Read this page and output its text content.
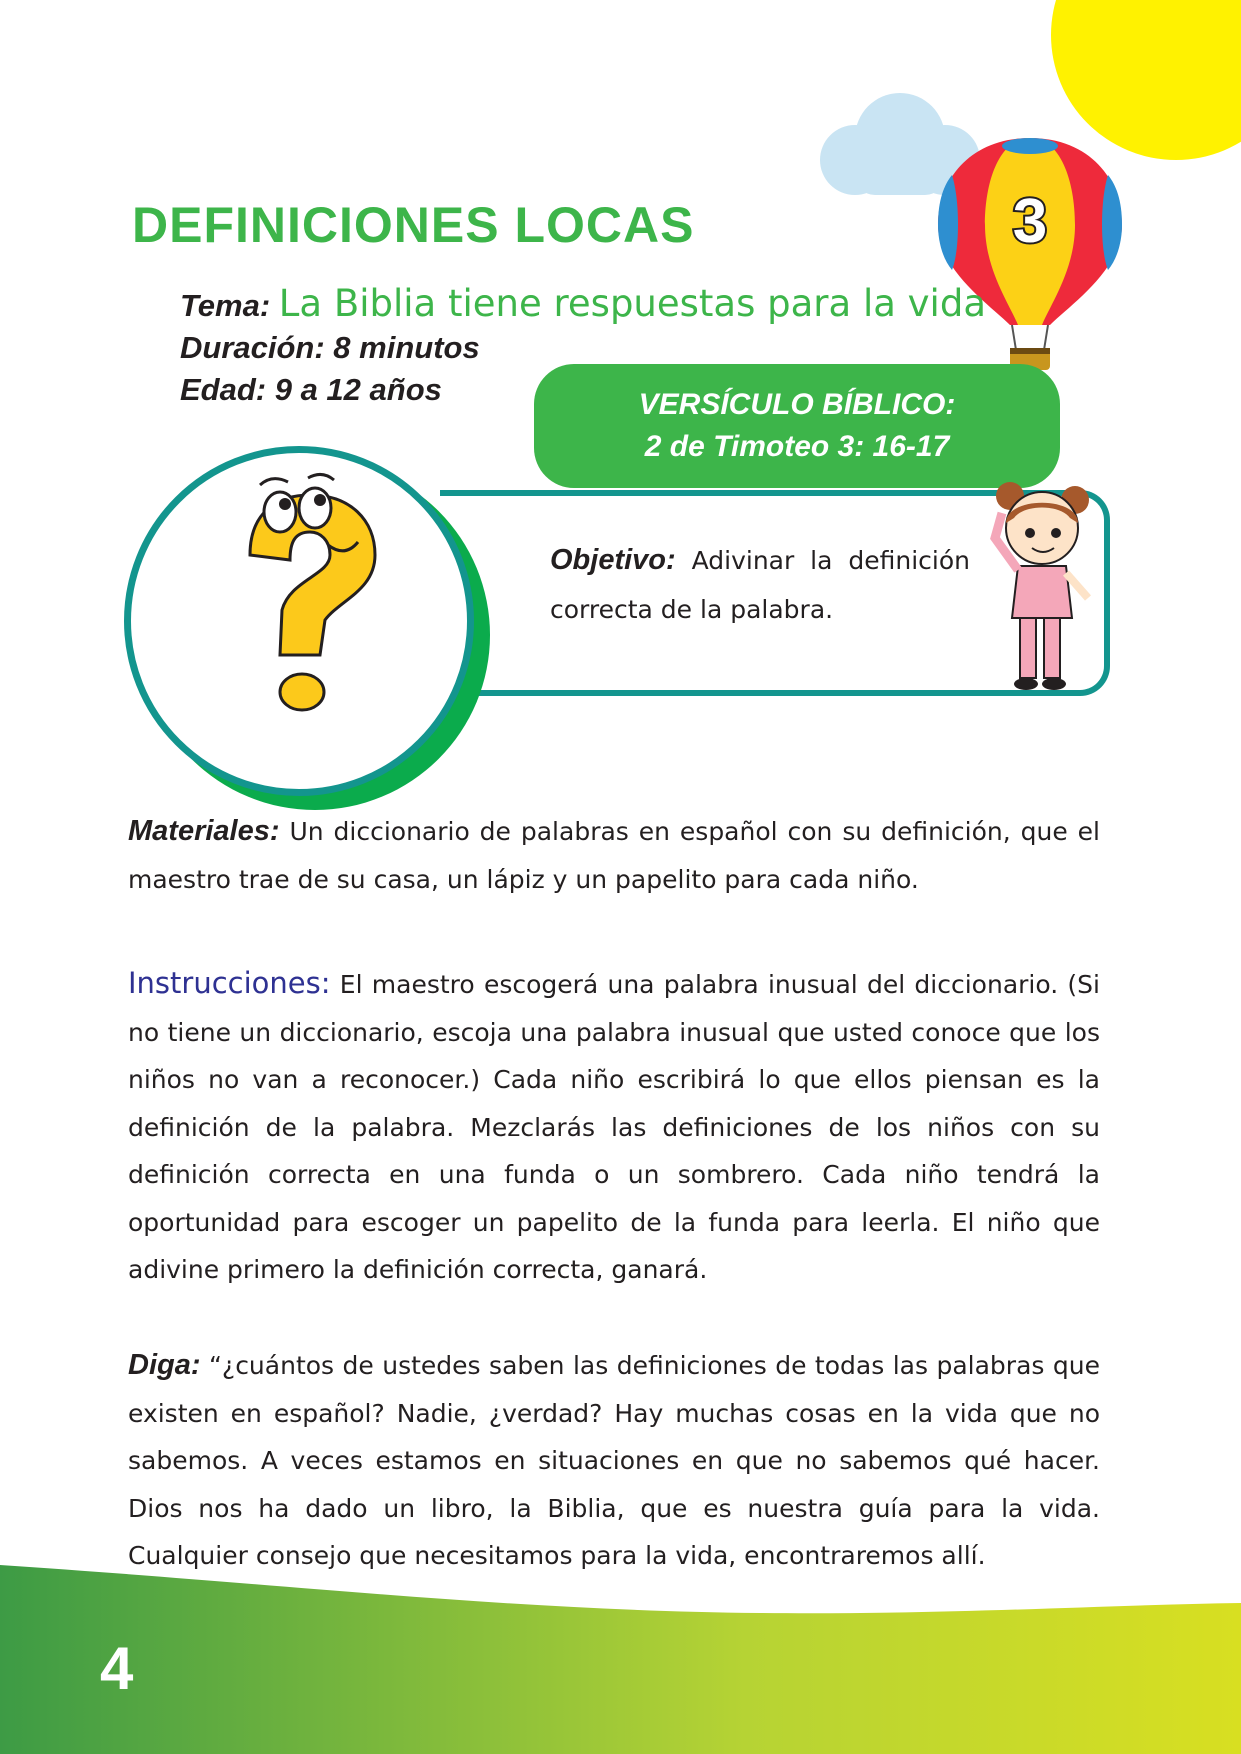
3
DEFINICIONES LOCAS
Tema: La Biblia tiene respuestas para la vida
Duración: 8 minutos
Edad: 9 a 12 años	VERSÍCULO BÍBLICO:
2 de Timoteo 3: 16-17
Objetivo: Adivinar la definición correcta de la palabra.
Materiales: Un diccionario de palabras en español con su definición, que el maestro trae de su casa, un lápiz y un papelito para cada niño.
Instrucciones: El maestro escogerá una palabra inusual del diccionario. (Si no tiene un diccionario, escoja una palabra inusual que usted conoce que los niños no van a reconocer.) Cada niño escribirá lo que ellos piensan es la definición de la palabra. Mezclarás las definiciones de los niños con su definición correcta en una funda o un sombrero. Cada niño tendrá la oportunidad para escoger un papelito de la funda para leerla. El niño que adivine primero la definición correcta, ganará.
Diga: “¿cuántos de ustedes saben las definiciones de todas las palabras que existen en español? Nadie, ¿verdad? Hay muchas cosas en la vida que no sabemos. A veces estamos en situaciones en que no sabemos qué hacer. Dios nos ha dado un libro, la Biblia, que es nuestra guía para la vida. Cualquier consejo que necesitamos para la vida, encontraremos allí.
4
